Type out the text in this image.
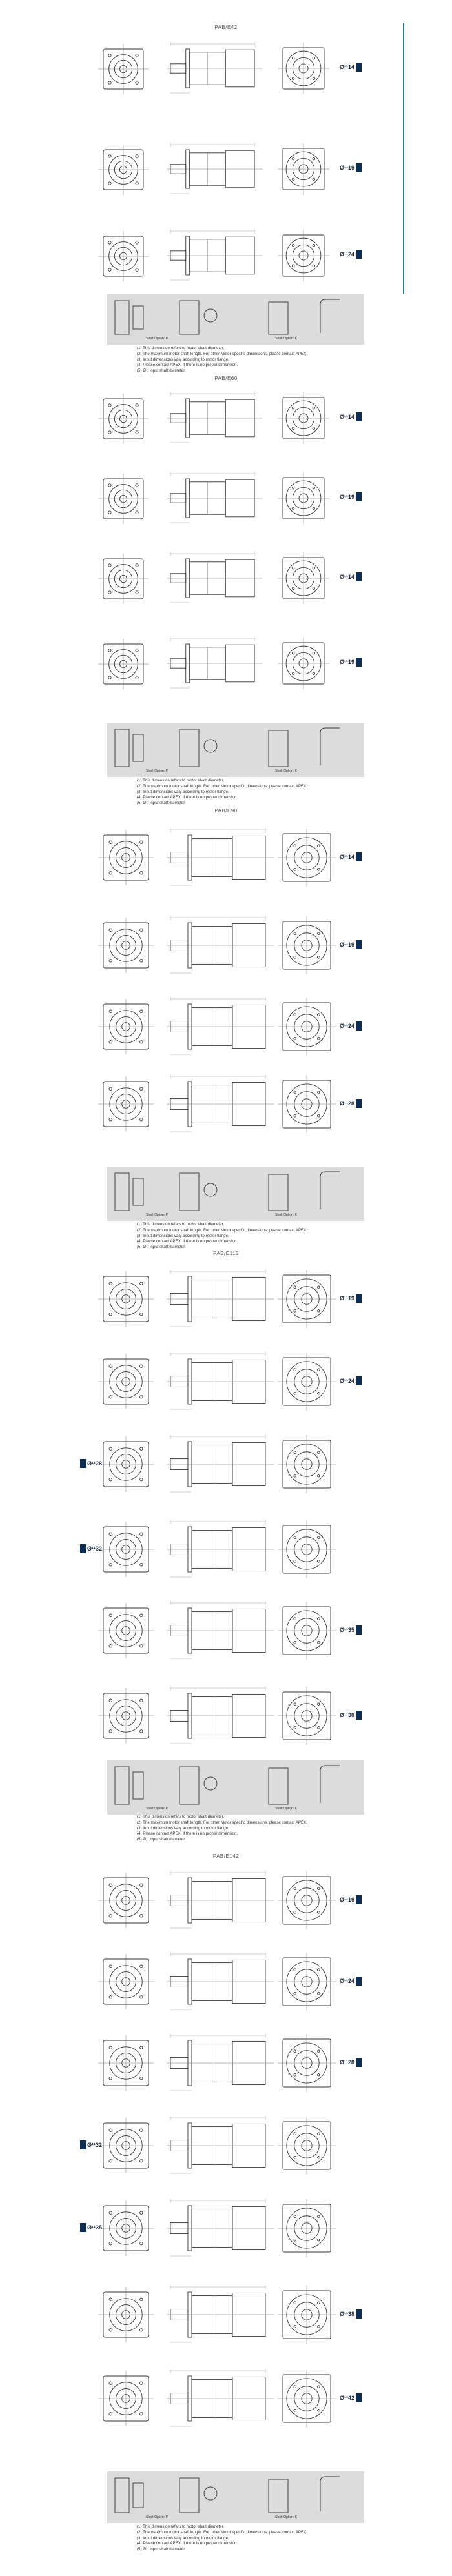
PAB/E42
Ø¹¹14
Ø¹¹19
Ø¹¹24
Shaft Option: P	Shaft Option: K
(1) This dimension refers to motor shaft diameter.
(2) The maximum motor shaft length. For other Motor specific dimensions, please contact APEX.
(3) Input dimensions vary according to motor flange.
(4) Please contact APEX, if there is no proper dimension.
(5) Ø¹: Input shaft diameter.
PAB/E60
Ø¹¹14
Ø¹¹19
Ø¹¹14
Ø¹¹19
Shaft Option: P	Shaft Option: K
(1) This dimension refers to motor shaft diameter.
(2) The maximum motor shaft length. For other Motor specific dimensions, please contact APEX.
(3) Input dimensions vary according to motor flange.
(4) Please contact APEX, if there is no proper dimension.
(5) Ø¹: Input shaft diameter.
PAB/E90
Ø¹¹14
Ø¹¹19
Ø¹¹24
Ø¹¹28
Shaft Option: P	Shaft Option: K
(1) This dimension refers to motor shaft diameter.
(2) The maximum motor shaft length. For other Motor specific dimensions, please contact APEX.
(3) Input dimensions vary according to motor flange.
(4) Please contact APEX, if there is no proper dimension.
(5) Ø¹: Input shaft diameter.
PAB/E115
Ø¹¹19
Ø¹¹24
Ø¹¹28
Ø¹¹32
Ø¹¹35
Ø¹¹38
Shaft Option: P	Shaft Option: K
(1) This dimension refers to motor shaft diameter.
(2) The maximum motor shaft length. For other Motor specific dimensions, please contact APEX.
(3) Input dimensions vary according to motor flange.
(4) Please contact APEX, if there is no proper dimension.
(5) Ø¹: Input shaft diameter.
PAB/E142
Ø¹¹19
Ø¹¹24
Ø¹¹28
Ø¹¹32
Ø¹¹35
Ø¹¹38
Ø¹¹42
Shaft Option: P	Shaft Option: K
(1) This dimension refers to motor shaft diameter.
(2) The maximum motor shaft length. For other Motor specific dimensions, please contact APEX.
(3) Input dimensions vary according to motor flange.
(4) Please contact APEX, if there is no proper dimension.
(5) Ø¹: Input shaft diameter.
